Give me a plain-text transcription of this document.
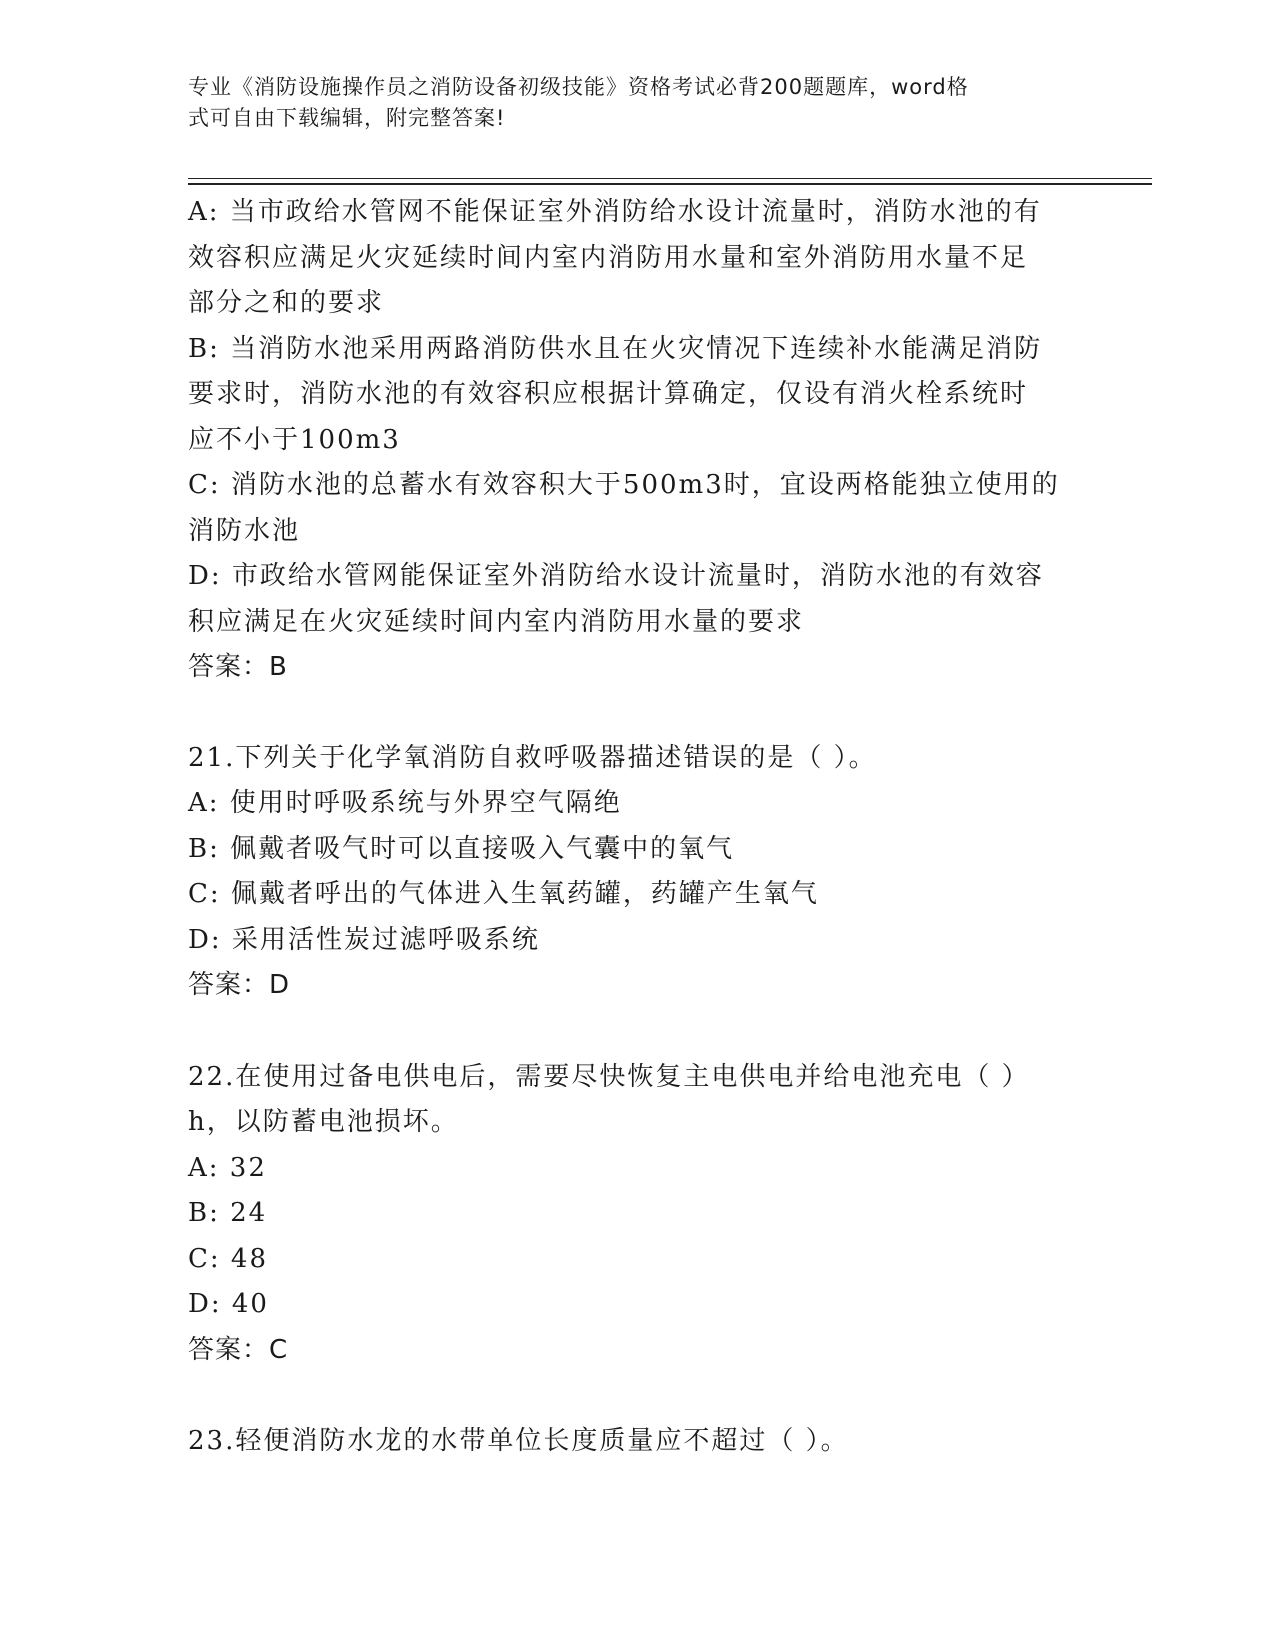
专业《消防设施操作员之消防设备初级技能》资格考试必背200题题库，word格
式可自由下载编辑，附完整答案!
A: 当市政给水管网不能保证室外消防给水设计流量时，消防水池的有
效容积应满足火灾延续时间内室内消防用水量和室外消防用水量不足
部分之和的要求
B: 当消防水池采用两路消防供水且在火灾情况下连续补水能满足消防
要求时，消防水池的有效容积应根据计算确定，仅设有消火栓系统时
应不小于100m3
C: 消防水池的总蓄水有效容积大于500m3时，宜设两格能独立使用的
消防水池
D: 市政给水管网能保证室外消防给水设计流量时，消防水池的有效容
积应满足在火灾延续时间内室内消防用水量的要求
答案：B
21.下列关于化学氧消防自救呼吸器描述错误的是（ ）。
A: 使用时呼吸系统与外界空气隔绝
B: 佩戴者吸气时可以直接吸入气囊中的氧气
C: 佩戴者呼出的气体进入生氧药罐，药罐产生氧气
D: 采用活性炭过滤呼吸系统
答案：D
22.在使用过备电供电后，需要尽快恢复主电供电并给电池充电（ ）
h，以防蓄电池损坏。
A: 32
B: 24
C: 48
D: 40
答案：C
23.轻便消防水龙的水带单位长度质量应不超过（ ）。
